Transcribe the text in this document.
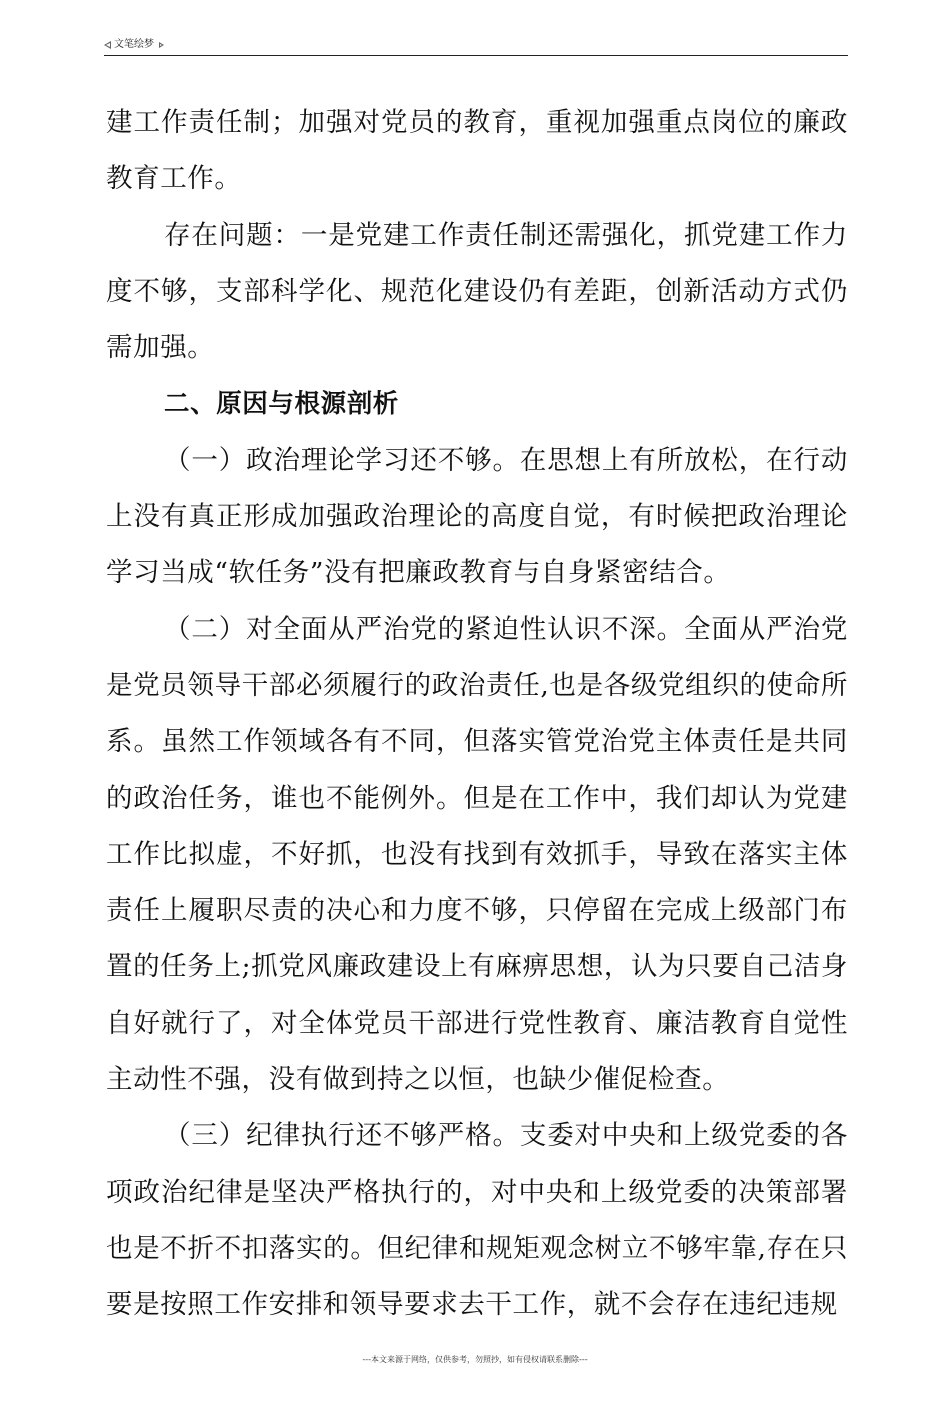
文笔绘梦

建工作责任制；加强对党员的教育，重视加强重点岗位的廉政教育工作。

存在问题：一是党建工作责任制还需强化，抓党建工作力度不够，支部科学化、规范化建设仍有差距，创新活动方式仍需加强。

二、原因与根源剖析

（一）政治理论学习还不够。在思想上有所放松，在行动上没有真正形成加强政治理论的高度自觉，有时候把政治理论学习当成“软任务”没有把廉政教育与自身紧密结合。

（二）对全面从严治党的紧迫性认识不深。全面从严治党是党员领导干部必须履行的政治责任,也是各级党组织的使命所系。虽然工作领域各有不同，但落实管党治党主体责任是共同的政治任务，谁也不能例外。但是在工作中，我们却认为党建工作比拟虚，不好抓，也没有找到有效抓手，导致在落实主体责任上履职尽责的决心和力度不够，只停留在完成上级部门布置的任务上;抓党风廉政建设上有麻痹思想，认为只要自己洁身自好就行了，对全体党员干部进行党性教育、廉洁教育自觉性主动性不强，没有做到持之以恒，也缺少催促检查。

（三）纪律执行还不够严格。支委对中央和上级党委的各项政治纪律是坚决严格执行的，对中央和上级党委的决策部署也是不折不扣落实的。但纪律和规矩观念树立不够牢靠,存在只要是按照工作安排和领导要求去干工作，就不会存在违纪违规

---本文来源于网络，仅供参考，勿照抄，如有侵权请联系删除---
